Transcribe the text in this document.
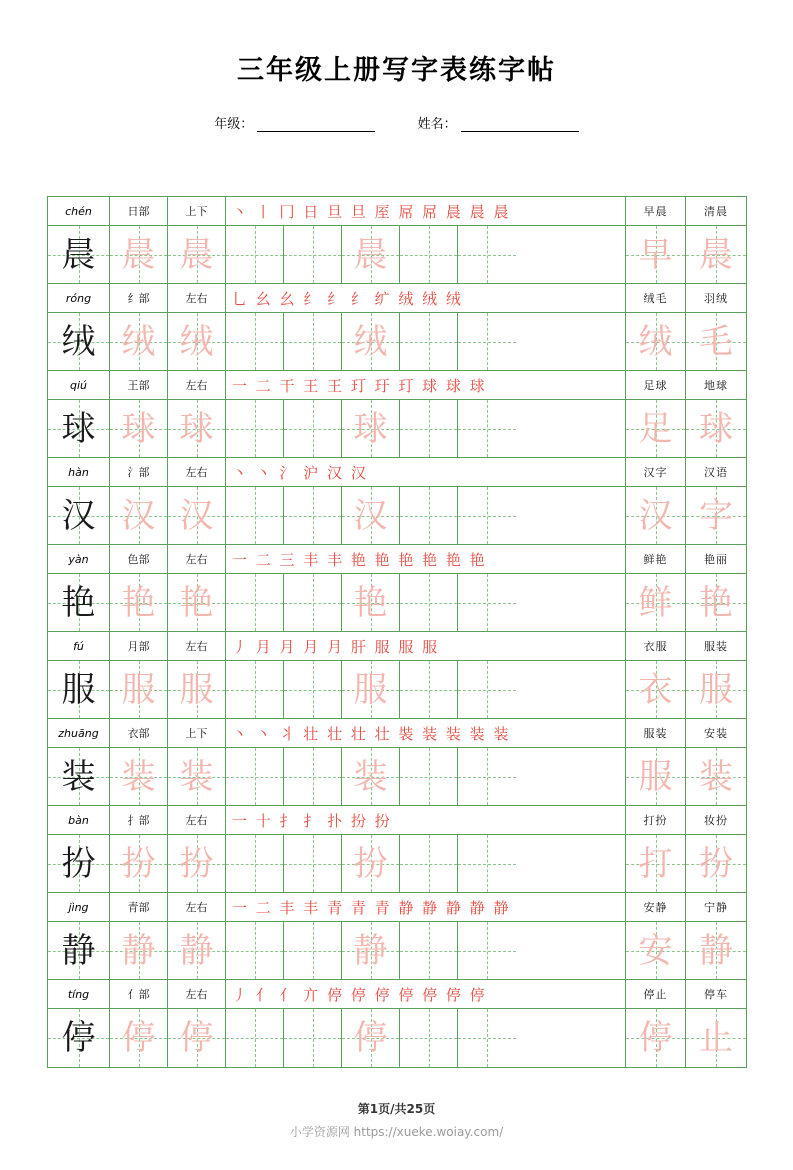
三年级上册写字表练字帖
年级：	姓名：
chén	日部	上下	丶 丨 冂 日 旦 旦 厔 屌 屌 晨 晨 晨	早晨	清晨
晨 晨 晨	晨	早 晨
róng	纟部	左右	乚 幺 幺 纟 纟 纟 纩 绒 绒 绒	绒毛	羽绒
绒 绒 绒	绒	绒 毛
qiú	王部	左右	一 二 干 王 王 玎 玗 玎 球 球 球	足球	地球
球 球 球	球	足 球
hàn	氵部	左右	丶 丶 氵 沪 汉 汉	汉字	汉语
汉 汉 汉	汉	汉 字
yàn	色部	左右	一 二 三 丰 丰 艳 艳 艳 艳 艳 艳	鲜艳	艳丽
艳 艳 艳	艳	鲜 艳
fú	月部	左右	丿 月 月 月 月 肝 服 服 服	衣服	服装
服 服 服	服	衣 服
zhuāng	衣部	上下	丶 丶 丬 壮 壮 壮 壮 裝 装 装 装 装	服装	安装
装 装 装	装	服 装
bàn	扌部	左右	一 十 扌 扌 扑 扮 扮	打扮	妆扮
扮 扮 扮	扮	打 扮
jìng	青部	左右	一 二 丰 丰 青 青 青 静 静 静 静 静	安静	宁静
静 静 静	静	安 静
tíng	亻部	左右	丿 亻 亻 亣 停 停 停 停 停 停 停	停止	停车
停 停 停	停	停 止
第1页/共25页
小学资源网 https://xueke.woiay.com/
